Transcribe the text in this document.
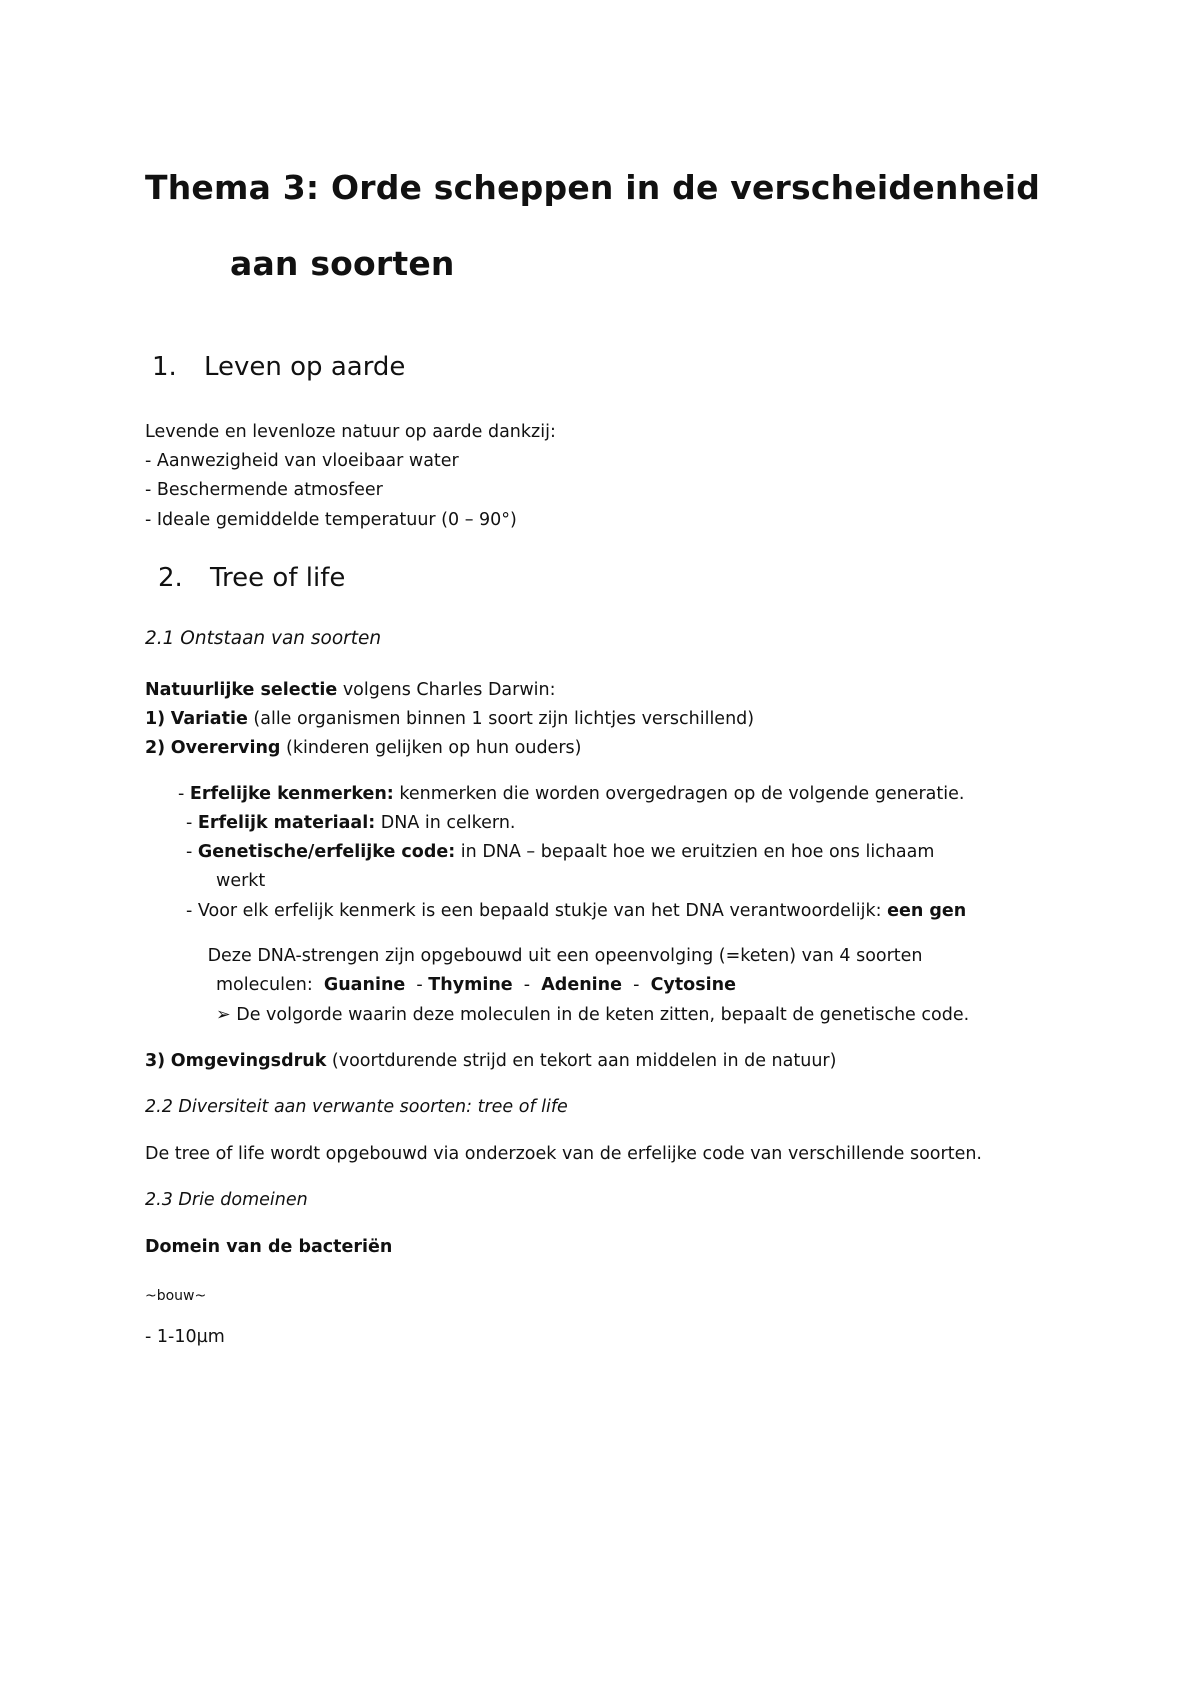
Thema 3: Orde scheppen in de verscheidenheid
aan soorten
1. Leven op aarde
Levende en levenloze natuur op aarde dankzij:
- Aanwezigheid van vloeibaar water
- Beschermende atmosfeer
- Ideale gemiddelde temperatuur (0 – 90°)
2. Tree of life
2.1 Ontstaan van soorten
Natuurlijke selectie volgens Charles Darwin:
1) Variatie (alle organismen binnen 1 soort zijn lichtjes verschillend)
2) Overerving (kinderen gelijken op hun ouders)
- Erfelijke kenmerken: kenmerken die worden overgedragen op de volgende generatie.
- Erfelijk materiaal: DNA in celkern.
- Genetische/erfelijke code: in DNA – bepaalt hoe we eruitzien en hoe ons lichaam
werkt
- Voor elk erfelijk kenmerk is een bepaald stukje van het DNA verantwoordelijk: een gen
Deze DNA-strengen zijn opgebouwd uit een opeenvolging (=keten) van 4 soorten
moleculen: Guanine  - Thymine  -  Adenine  -  Cytosine
➢ De volgorde waarin deze moleculen in de keten zitten, bepaalt de genetische code.
3) Omgevingsdruk (voortdurende strijd en tekort aan middelen in de natuur)
2.2 Diversiteit aan verwante soorten: tree of life
De tree of life wordt opgebouwd via onderzoek van de erfelijke code van verschillende soorten.
2.3 Drie domeinen
Domein van de bacteriën
~bouw~
- 1-10µm
